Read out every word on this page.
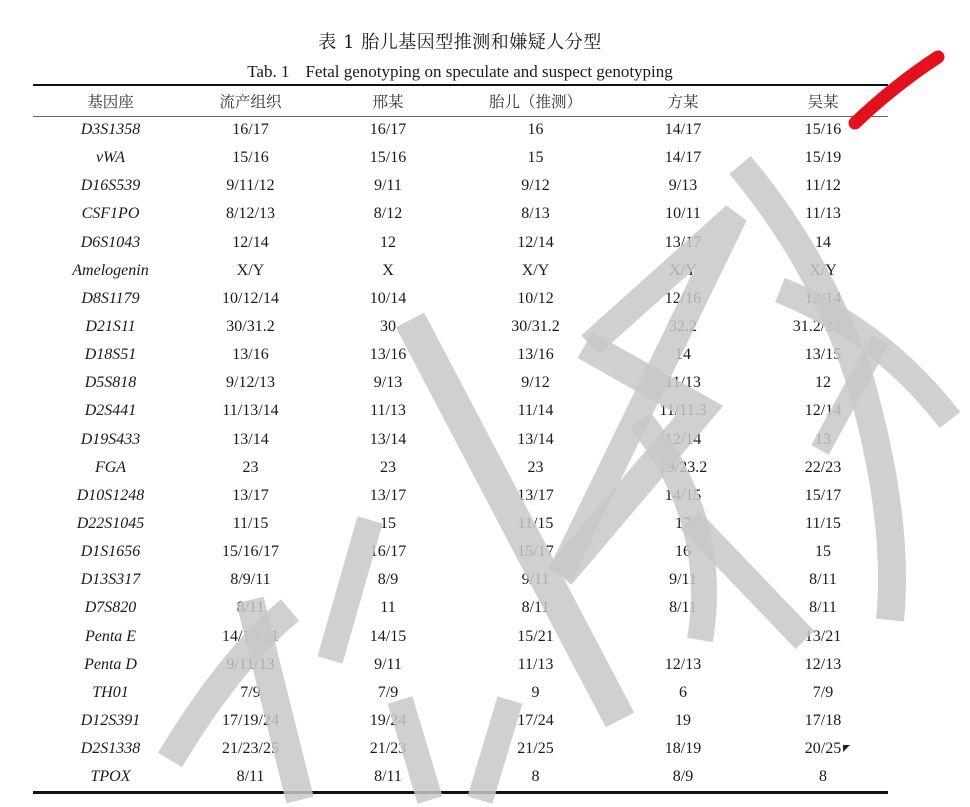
表 1 胎儿基因型推测和嫌疑人分型
Tab. 1 Fetal genotyping on speculate and suspect genotyping
基因座	流产组织	邢某	胎儿（推测）	方某	吴某
D3S1358	16/17	16/17	16	14/17	15/16
vWA	15/16	15/16	15	14/17	15/19
D16S539	9/11/12	9/11	9/12	9/13	11/12
CSF1PO	8/12/13	8/12	8/13	10/11	11/13
D6S1043	12/14	12	12/14	13/17	14
Amelogenin	X/Y	X	X/Y	X/Y	X/Y
D8S1179	10/12/14	10/14	10/12	12/16	12/14
D21S11	30/31.2	30	30/31.2	32.2	31.2/33.2
D18S51	13/16	13/16	13/16	14	13/15
D5S818	9/12/13	9/13	9/12	11/13	12
D2S441	11/13/14	11/13	11/14	11/11.3	12/14
D19S433	13/14	13/14	13/14	12/14	13
FGA	23	23	23	19/23.2	22/23
D10S1248	13/17	13/17	13/17	14/15	15/17
D22S1045	11/15	15	11/15	17	11/15
D1S1656	15/16/17	16/17	15/17	16	15
D13S317	8/9/11	8/9	9/11	9/11	8/11
D7S820	8/11	11	8/11	8/11	8/11
Penta E	14/15/21	14/15	15/21		13/21
Penta D	9/11/13	9/11	11/13	12/13	12/13
TH01	7/9	7/9	9	6	7/9
D12S391	17/19/24	19/24	17/24	19	17/18
D2S1338	21/23/25	21/23	21/25	18/19	20/25
TPOX	8/11	8/11	8	8/9	8
